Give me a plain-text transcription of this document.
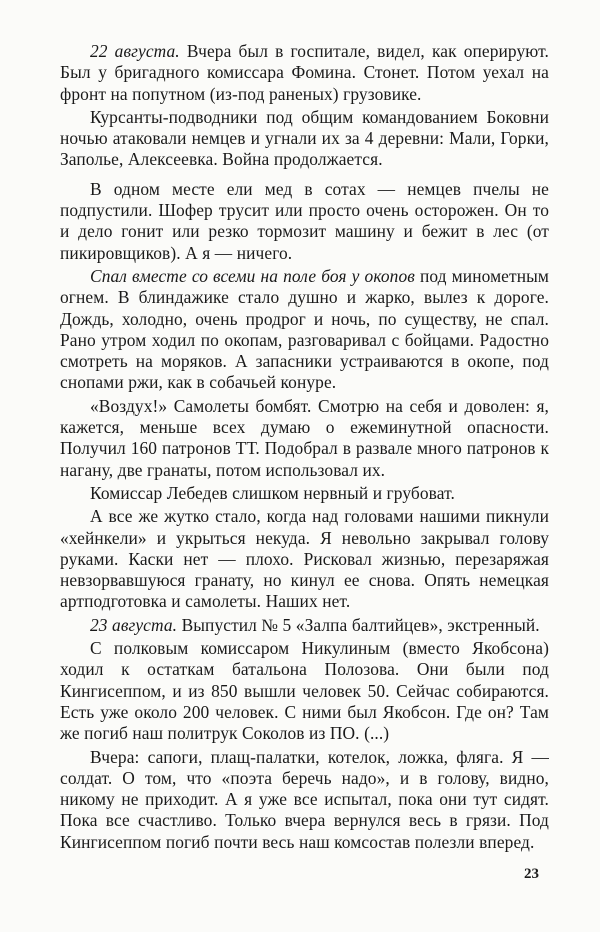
22 августа. Вчера был в госпитале, видел, как оперируют. Был у бригадного комиссара Фомина. Стонет. Потом уехал на фронт на попутном (из-под раненых) грузовике.

Курсанты-подводники под общим командованием Боковни ночью атаковали немцев и угнали их за 4 деревни: Мали, Горки, Заполье, Алексеевка. Война продолжается.

В одном месте ели мед в сотах — немцев пчелы не подпустили. Шофер трусит или просто очень осторожен. Он то и дело гонит или резко тормозит машину и бежит в лес (от пикировщиков). А я — ничего.

Спал вместе со всеми на поле боя у окопов под минометным огнем. В блиндажике стало душно и жарко, вылез к дороге. Дождь, холодно, очень продрог и ночь, по существу, не спал. Рано утром ходил по окопам, разговаривал с бойцами. Радостно смотреть на моряков. А запасники устраиваются в окопе, под снопами ржи, как в собачьей конуре.

«Воздух!» Самолеты бомбят. Смотрю на себя и доволен: я, кажется, меньше всех думаю о ежеминутной опасности. Получил 160 патронов ТТ. Подобрал в развале много патронов к нагану, две гранаты, потом использовал их.

Комиссар Лебедев слишком нервный и грубоват.

А все же жутко стало, когда над головами нашими пикнули «хейнкели» и укрыться некуда. Я невольно закрывал голову руками. Каски нет — плохо. Рисковал жизнью, перезаряжая невзорвавшуюся гранату, но кинул ее снова. Опять немецкая артподготовка и самолеты. Наших нет.

23 августа. Выпустил № 5 «Залпа балтийцев», экстренный.

С полковым комиссаром Никулиным (вместо Якобсона) ходил к остаткам батальона Полозова. Они были под Кингисеппом, и из 850 вышли человек 50. Сейчас собираются. Есть уже около 200 человек. С ними был Якобсон. Где он? Там же погиб наш политрук Соколов из ПО. (...)

Вчера: сапоги, плащ-палатки, котелок, ложка, фляга. Я — солдат. О том, что «поэта беречь надо», и в голову, видно, никому не приходит. А я уже все испытал, пока они тут сидят. Пока все счастливо. Только вчера вернулся весь в грязи. Под Кингисеппом погиб почти весь наш комсостав полезли вперед.

23
